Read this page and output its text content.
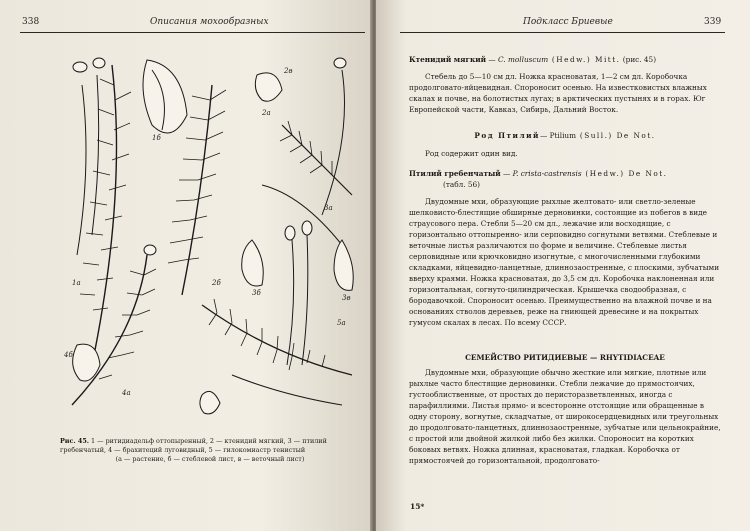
338	Описания мохообразных
1б
2в
2а
3а
3б
3в
1а	2б
4б
4а
5а
Рис. 45. 1 — ритидиадельф оттопыренный, 2 — ктенидий мягкий, 3 — птилий гребенчатый, 4 — брахитеций луговидный, 5 — гилокомиастр тенистый
(а — растение, б — стеблевой лист, в — веточный лист)
Подкласс Бриевые	339

Ктенидий мягкий — C. molluscum (Hedw.) Mitt. (рис. 45)

Стебель до 5—10 см дл. Ножка красноватая, 1—2 см дл. Коробочка продолговато-яйцевидная. Спороносит осенью. На известковистых влажных скалах и почве, на болотистых лугах; в арктических пустынях и в горах. Юг Европейской части, Кавказ, Сибирь, Дальний Восток.

Род Птилий— Ptilium (Sull.) De Not.

Род содержит один вид.

Птилий гребенчатый — P. crista-castrensis (Hedw.) De Not.

(табл. 56)

Двудомные мхи, образующие рыхлые желтовато- или светло-зеленые шелковисто-блестящие обширные дерновинки, состоящие из побегов в виде страусового пера. Стебли 5—20 см дл., лежачие или восходящие, с горизонтально оттопыренно- или серповидно согнутыми ветвями. Стеблевые и веточные листья различаются по форме и величине. Стеблевые листья серповидные или крючковидно изогнутые, с многочисленными глубокими складками, яйцевидно-ланцетные, длиннозаостренные, с плоскими, зубчатыми вверху краями. Ножка красноватая, до 3,5 см дл. Коробочка наклоненная или горизонтальная, согнуто-цилиндрическая. Крышечка сводообразная, с бородавочкой. Спороносит осенью. Преимущественно на влажной почве и на основаниях стволов деревьев, реже на гниющей древесине и на покрытых гумусом скалах в лесах. По всему СССР.

СЕМЕЙСТВО РИТИДИЕВЫЕ — RHYTIDIACEAE

Двудомные мхи, образующие обычно жесткие или мягкие, плотные или рыхлые часто блестящие дерновинки. Стебли лежачие до прямостоячих, густооблиственные, от простых до перисторазветвленных, иногда с парафиллиями. Листья прямо- и всесторонне отстоящие или обращенные в одну сторону, вогнутые, складчатые, от широкосердцевидных или треугольных до продолговато-ланцетных, длиннозаостренные, зубчатые или цельнокрайние, с простой или двойной жилкой либо без жилки. Спороносит на коротких боковых ветвях. Ножка длинная, красноватая, гладкая. Коробочка от прямостоячей до горизонтальной, продолговато-

15*
